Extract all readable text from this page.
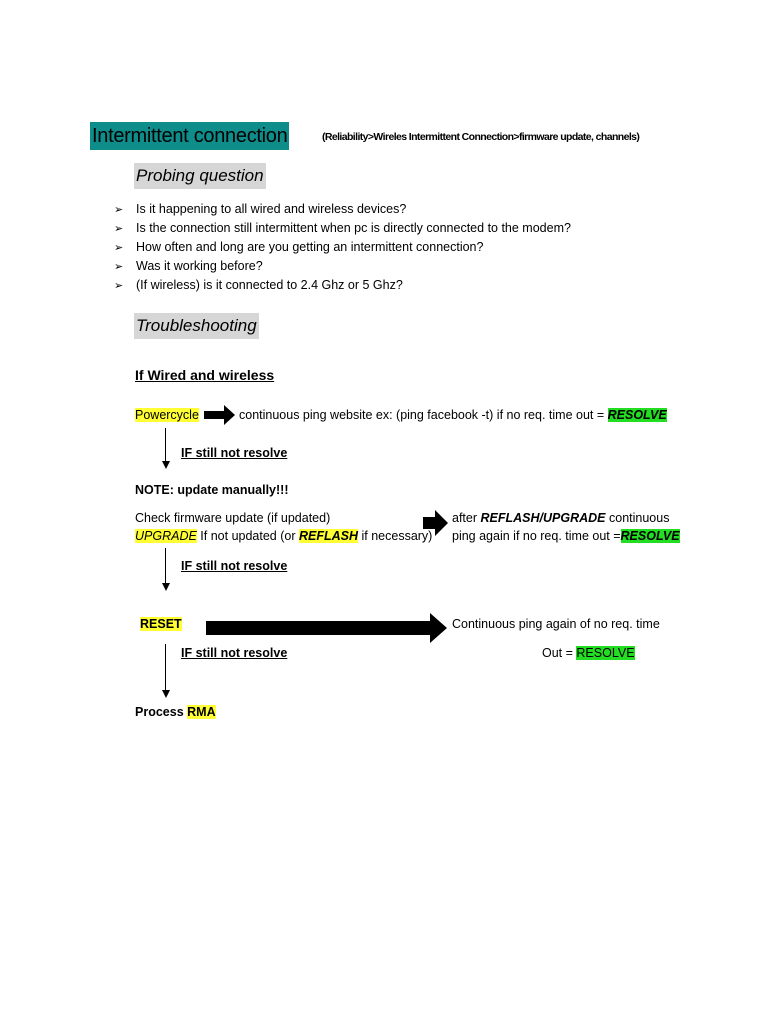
Intermittent connection	(Reliability>Wireles Intermittent Connection>firmware update, channels)
Probing question
➢ Is it happening to all wired and wireless devices?
➢ Is the connection still intermittent when pc is directly connected to the modem?
➢ How often and long are you getting an intermittent connection?
➢ Was it working before?
➢ (If wireless) is it connected to 2.4 Ghz or 5 Ghz?
Troubleshooting
If Wired and wireless
Powercycle	continuous ping website ex: (ping facebook -t) if no req. time out = RESOLVE
IF still not resolve
NOTE: update manually!!!
Check firmware update (if updated)
UPGRADE If not updated (or REFLASH if necessary)
after REFLASH/UPGRADE continuous
ping again if no req. time out =RESOLVE
IF still not resolve
RESET	Continuous ping again of no req. time
Out = RESOLVE
IF still not resolve
Process RMA
